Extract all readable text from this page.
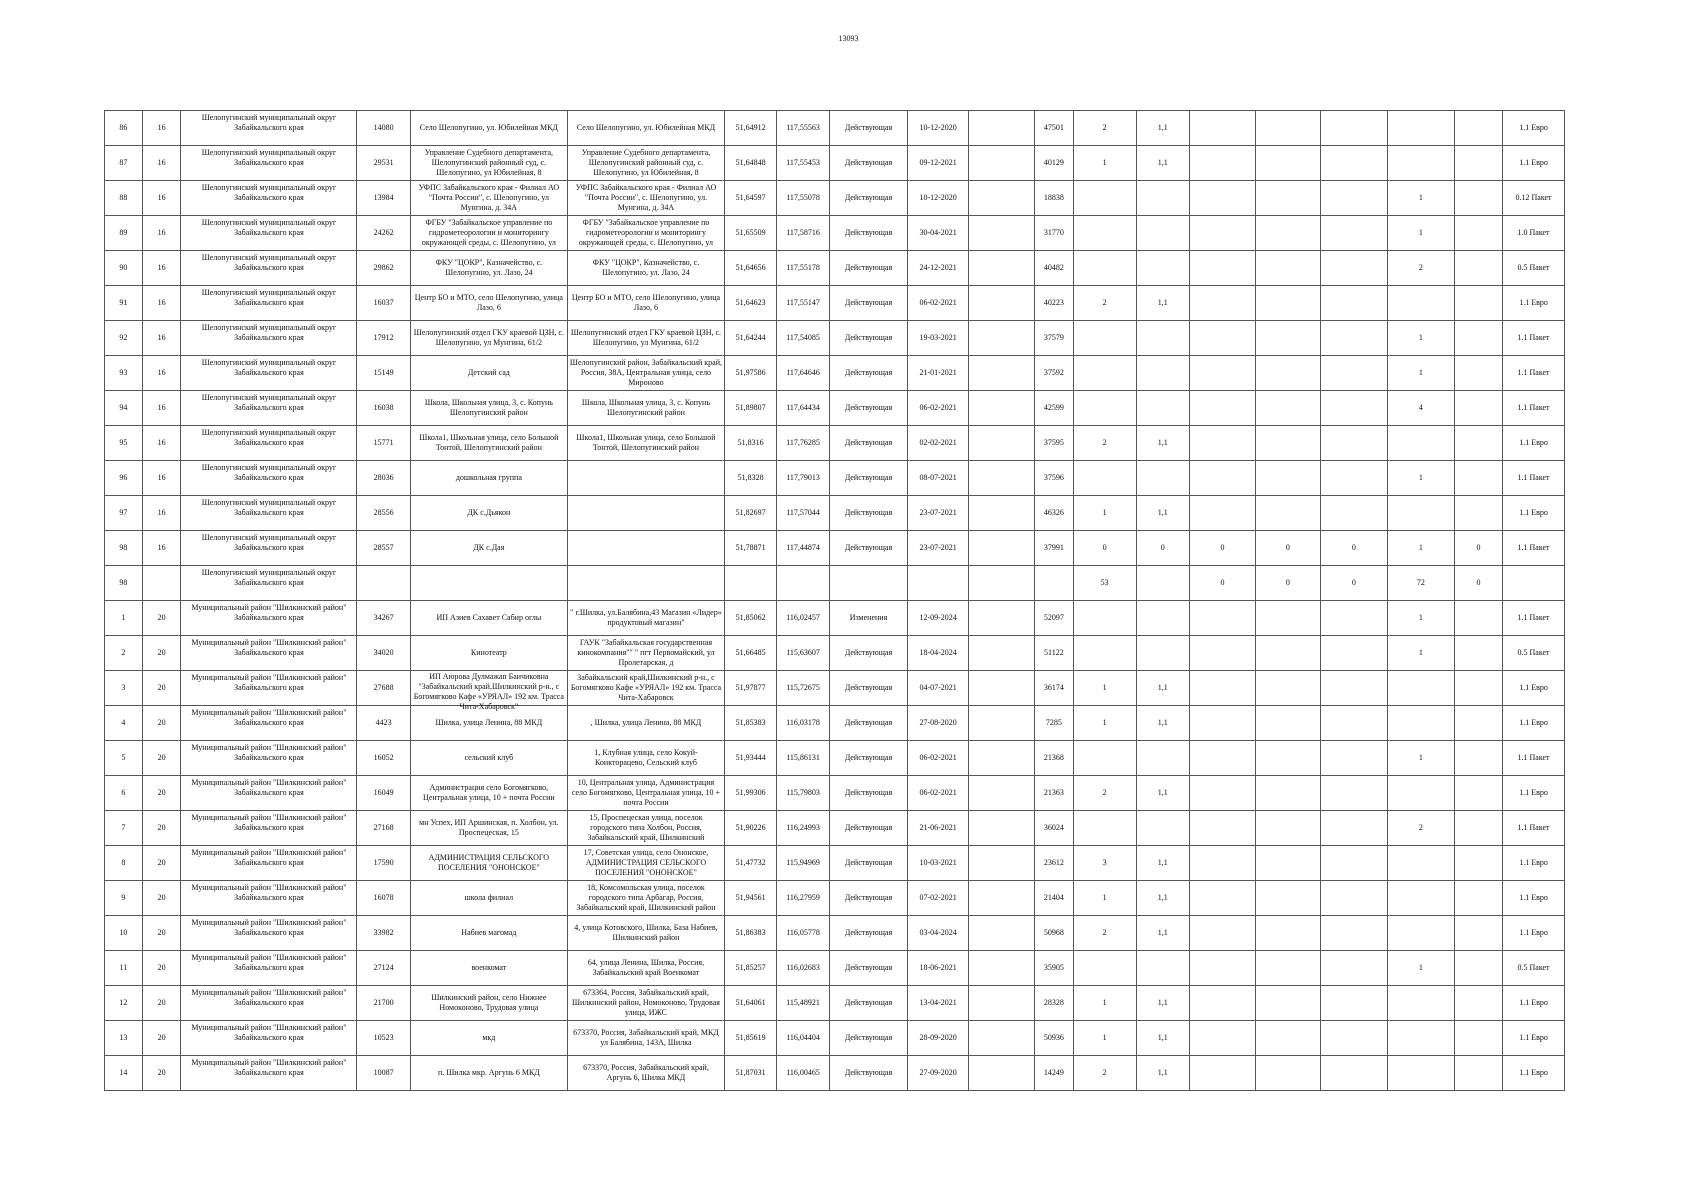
13093
86	16	Шелопугинский муниципальный округ Забайкальского края	14080	Село Шелопугино, ул. Юбилейная МКД	Село Шелопугино, ул. Юбилейная МКД	51,64912	117,55563	Действующая	10-12-2020		47501	2	1,1						1.1 Евро

87	16	Шелопугинский муниципальный округ Забайкальского края	29531	Управление Судебного департамента, Шелопугинский районный суд, с. Шелопугино, ул Юбилейная, 8	Управление Судебного департамента, Шелопугинский районный суд, с. Шелопугино, ул Юбилейная, 8	51,64848	117,55453	Действующая	09-12-2021		40129	1	1,1						1.1 Евро

88	16	Шелопугинский муниципальный округ Забайкальского края	13984	УФПС Забайкальского края - Филиал АО "Почта России", с. Шелопугино, ул Мунгина, д. 34А	УФПС Забайкальского края - Филиал АО "Почта России", с. Шелопугино, ул. Мунгина, д. 34А	51,64597	117,55078	Действующая	10-12-2020		18838						1		0.12 Пакет

89	16	Шелопугинский муниципальный округ Забайкальского края	24262	ФГБУ "Забайкальское управление по гидрометеорологии и мониторингу окружающей среды, с. Шелопугино, ул	ФГБУ "Забайкальское управление по гидрометеорологии и мониторингу окружающей среды, с. Шелопугино, ул	51,65509	117,58716	Действующая	30-04-2021		31770						1		1.0 Пакет

90	16	Шелопугинский муниципальный округ Забайкальского края	29862	ФКУ "ЦОКР", Казначейство, с. Шелопугино, ул. Лазо, 24	ФКУ "ЦОКР", Казначейство, с. Шелопугино, ул. Лазо, 24	51,64656	117,55178	Действующая	24-12-2021		40482						2		0.5 Пакет

91	16	Шелопугинский муниципальный округ Забайкальского края	16037	Центр БО и МТО, село Шелопугино, улица Лазо, 6	Центр БО и МТО, село Шелопугино, улица Лазо, 6	51,64623	117,55147	Действующая	06-02-2021		40223	2	1,1						1.1 Евро

92	16	Шелопугинский муниципальный округ Забайкальского края	17912	Шелопугинский отдел ГКУ краевой ЦЗН, с. Шелопугино, ул Мунгина, 61/2	Шелопугинский отдел ГКУ краевой ЦЗН, с. Шелопугино, ул Мунгина, 61/2	51,64244	117,54085	Действующая	19-03-2021		37579						1		1.1 Пакет

93	16	Шелопугинский муниципальный округ Забайкальского края	15149	Детский сад	Шелопугинский район, Забайкальский край, Россия, 38А, Центральная улица, село Мироново	51,97586	117,64646	Действующая	21-01-2021		37592						1		1.1 Пакет

94	16	Шелопугинский муниципальный округ Забайкальского края	16038	Школа, Школьная улица, 3, с. Копунь Шелопугинский район	Школа, Школьная улица, 3, с. Копунь Шелопугинский район	51,89807	117,64434	Действующая	06-02-2021		42599						4		1.1 Пакет

95	16	Шелопугинский муниципальный округ Забайкальского края	15771	Школа1, Школьная улица, село Большой Тонтой, Шелопугинский район	Школа1, Школьная улица, село Большой Тонтой, Шелопугинский район	51,8316	117,76285	Действующая	02-02-2021		37595	2	1,1						1.1 Евро

96	16	Шелопугинский муниципальный округ Забайкальского края	28036	дошкольная группа		51,8328	117,79013	Действующая	08-07-2021		37596						1		1.1 Пакет

97	16	Шелопугинский муниципальный округ Забайкальского края	28556	ДК с.Дьякон		51,82697	117,57044	Действующая	23-07-2021		46326	1	1,1						1.1 Евро

98	16	Шелопугинский муниципальный округ Забайкальского края	28557	ДК с.Дая		51,78871	117,44874	Действующая	23-07-2021		37991	0	0	0	0	0	1	0	1.1 Пакет

98		Шелопугинский муниципальный округ Забайкальского края										53		0	0	0	72	0	

1	20	Муниципальный район "Шилкинский район" Забайкальского края	34267	ИП Азиев Сахавет Сабир оглы	" г.Шилка, ул.Балябина,43 Магазин «Лидер» продуктовый магазин"	51,85062	116,02457	Изменения	12-09-2024		52097						1		1.1 Пакет

2	20	Муниципальный район "Шилкинский район" Забайкальского края	34020	Кинотеатр	ГАУК "Забайкальская государственная кинокомпания"" " пгт Первомайский, ул Пролетарская, д	51,66485	115,63607	Действующая	18-04-2024		51122						1		0.5 Пакет

3	20	Муниципальный район "Шилкинский район" Забайкальского края	27688	ИП Аюрова Дулмажап Баичиковна "Забайкальский край,Шилкинский р-н., с Богомягково Кафе «УРЯАЛ» 192 км. Трасса Чита-Хабаровск"	Забайкальский край,Шилкинский р-н., с Богомягково Кафе «УРЯАЛ» 192 км. Трасса Чита-Хабаровск	51,97877	115,72675	Действующая	04-07-2021		36174	1	1,1						1.1 Евро

4	20	Муниципальный район "Шилкинский район" Забайкальского края	4423	Шилка, улица Ленина, 88 МКД	, Шилка, улица Ленина, 88 МКД	51,85383	116,03178	Действующая	27-08-2020		7285	1	1,1						1.1 Евро

5	20	Муниципальный район "Шилкинский район" Забайкальского края	16052	сельский клуб	1, Клубная улица, село Кокуй-Конкторацево, Сельский клуб	51,93444	115,86131	Действующая	06-02-2021		21368						1		1.1 Пакет

6	20	Муниципальный район "Шилкинский район" Забайкальского края	16049	Администрация село Богомягково, Центральная улица, 10 + почта России	10, Центральная улица, Администрация село Богомягково, Центральная улица, 10 + почта России	51,99306	115,79803	Действующая	06-02-2021		21363	2	1,1						1.1 Евро

7	20	Муниципальный район "Шилкинский район" Забайкальского края	27168	мн Успех, ИП Аршинская, п. Холбон, ул. Проспецеская, 15	15, Проспецеская улица, поселок городского типа Холбон, Россия, Забайкальский край, Шилкинский	51,90226	116,24993	Действующая	21-06-2021		36024						2		1.1 Пакет

8	20	Муниципальный район "Шилкинский район" Забайкальского края	17590	АДМИНИСТРАЦИЯ СЕЛЬСКОГО ПОСЕЛЕНИЯ "ОНОНСКОЕ"	17, Советская улица, село Ононское, АДМИНИСТРАЦИЯ СЕЛЬСКОГО ПОСЕЛЕНИЯ "ОНОНСКОЕ"	51,47732	115,94969	Действующая	10-03-2021		23612	3	1,1						1.1 Евро

9	20	Муниципальный район "Шилкинский район" Забайкальского края	16078	школа филиал	18, Комсомольская улица, поселок городского типа Арбагар, Россия, Забайкальский край, Шилкинский район	51,94561	116,27959	Действующая	07-02-2021		21404	1	1,1						1.1 Евро

10	20	Муниципальный район "Шилкинский район" Забайкальского края	33982	Набиев магомад	4, улица Котовского, Шилка, База Набиев, Шилкинский район	51,86383	116,05778	Действующая	03-04-2024		50968	2	1,1						1.1 Евро

11	20	Муниципальный район "Шилкинский район" Забайкальского края	27124	военкомат	64, улица Ленина, Шилка, Россия, Забайкальский край Военкомат	51,85257	116,02683	Действующая	18-06-2021		35905						1		0.5 Пакет

12	20	Муниципальный район "Шилкинский район" Забайкальского края	21700	Шилкинский район, село Нижнее Номоконово, Трудовая улица	673364, Россия, Забайкальский край, Шилкинский район, Номоконово, Трудовая улица, ИЖС	51,64061	115,48921	Действующая	13-04-2021		28328	1	1,1						1.1 Евро

13	20	Муниципальный район "Шилкинский район" Забайкальского края	10523	мкд	673370, Россия, Забайкальский край, МКД ул Балябина, 143А, Шилка	51,85619	116,04404	Действующая	28-09-2020		50936	1	1,1						1.1 Евро

14	20	Муниципальный район "Шилкинский район" Забайкальского края	10087	п. Шилка мкр. Аргунь 6 МКД	673370, Россия, Забайкальский край, Аргунь 6, Шилка МКД	51,87031	116,00465	Действующая	27-09-2020		14249	2	1,1						1.1 Евро
